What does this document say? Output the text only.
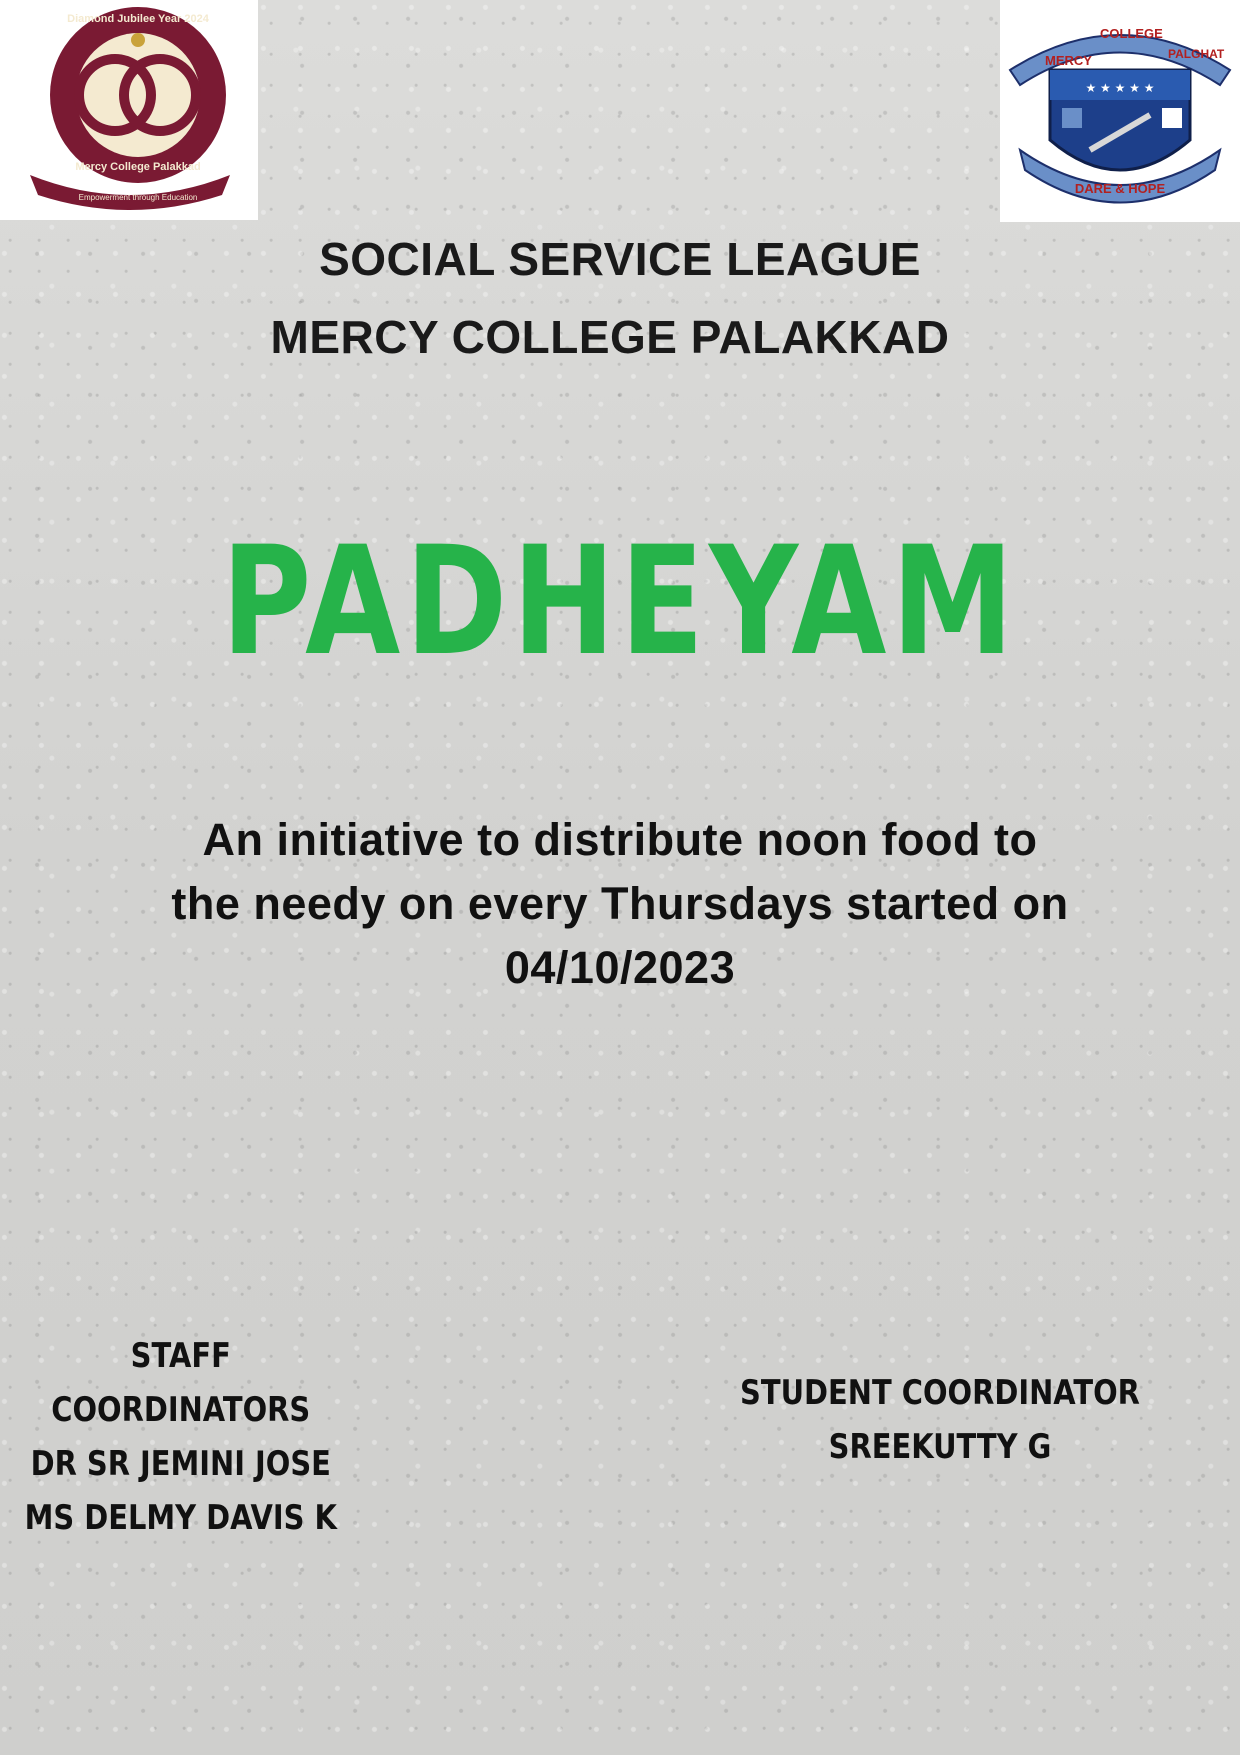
Empowerment through Education
Diamond Jubilee Year 2024
Mercy College Palakkad
MERCY
COLLEGE
PALGHAT
★ ★ ★ ★ ★
DARE & HOPE
SOCIAL SERVICE LEAGUE
MERCY COLLEGE PALAKKAD
PADHEYAM
An initiative to distribute noon food to
the needy on every Thursdays started on
04/10/2023
STAFF COORDINATORS
DR SR JEMINI JOSE
MS DELMY DAVIS K
STUDENT COORDINATOR
SREEKUTTY G
